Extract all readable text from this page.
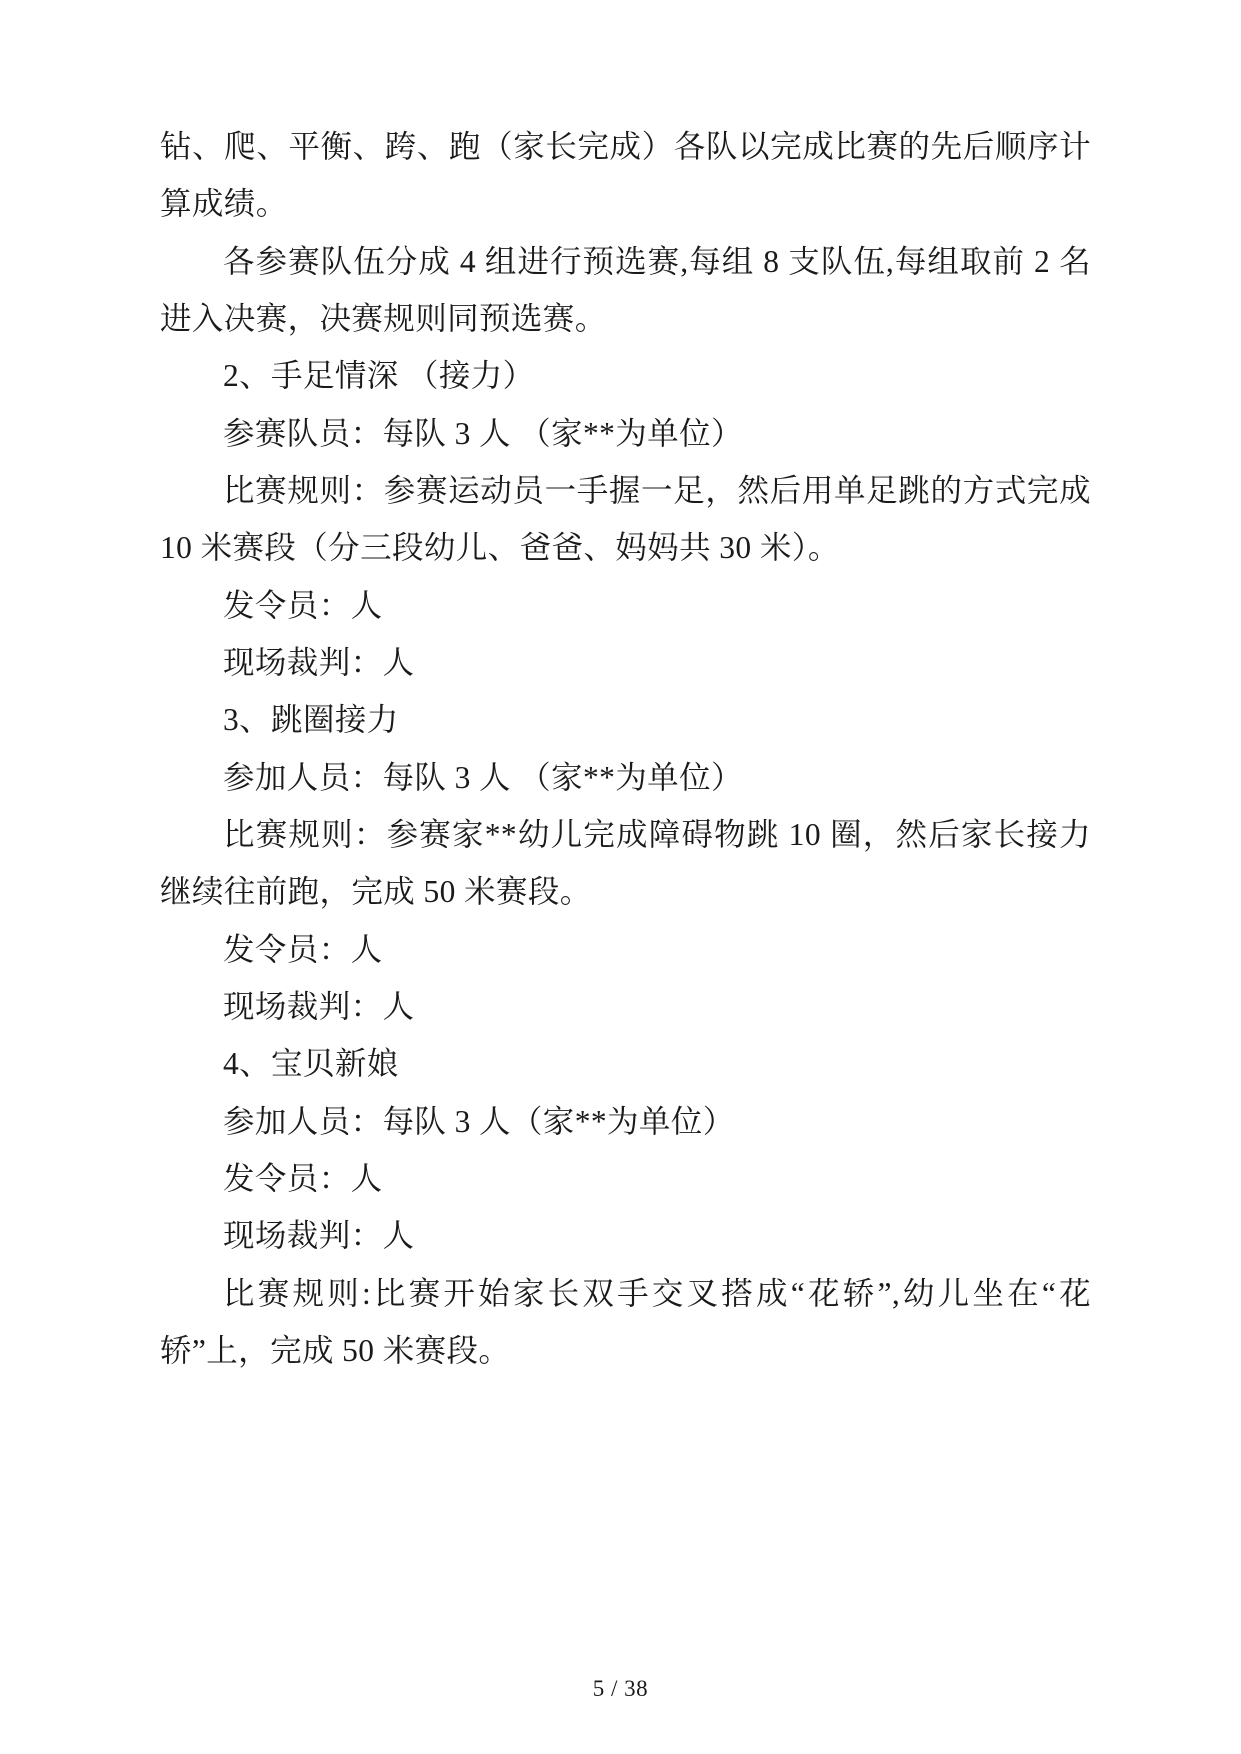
钻、爬、平衡、跨、跑（家长完成）各队以完成比赛的先后顺序计算成绩。

各参赛队伍分成 4 组进行预选赛,每组 8 支队伍,每组取前 2 名进入决赛，决赛规则同预选赛。

2、手足情深 （接力）

参赛队员：每队 3 人 （家**为单位）

比赛规则：参赛运动员一手握一足，然后用单足跳的方式完成 10 米赛段（分三段幼儿、爸爸、妈妈共 30 米）。

发令员：人

现场裁判：人

3、跳圈接力

参加人员：每队 3 人 （家**为单位）

比赛规则：参赛家**幼儿完成障碍物跳 10 圈，然后家长接力继续往前跑，完成 50 米赛段。

发令员：人

现场裁判：人

4、宝贝新娘

参加人员：每队 3 人（家**为单位）

发令员：人

现场裁判：人

比赛规则:比赛开始家长双手交叉搭成“花轿”,幼儿坐在“花轿”上，完成 50 米赛段。

5 / 38
